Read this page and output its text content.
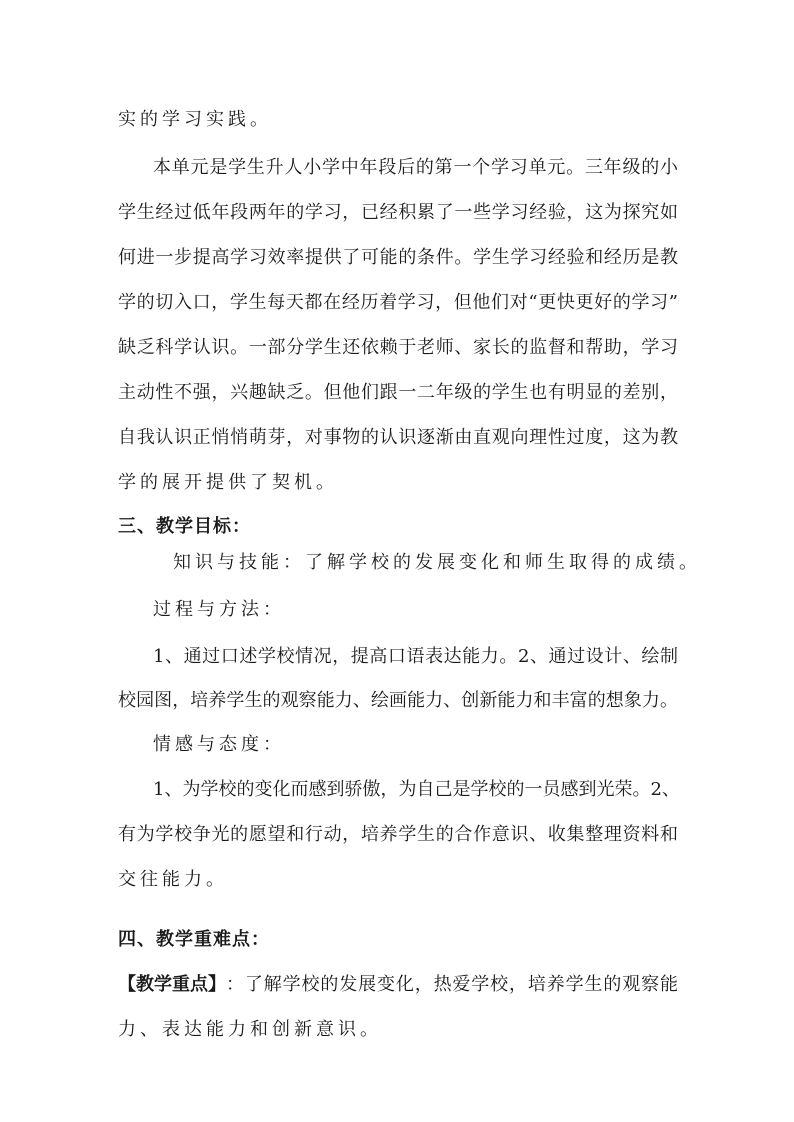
实的学习实践。
本单元是学生升人小学中年段后的第一个学习单元。三年级的小
学生经过低年段两年的学习，已经积累了一些学习经验，这为探究如
何进一步提高学习效率提供了可能的条件。学生学习经验和经历是教
学的切入口，学生每天都在经历着学习，但他们对“更快更好的学习”
缺乏科学认识。一部分学生还依赖于老师、家长的监督和帮助，学习
主动性不强，兴趣缺乏。但他们跟一二年级的学生也有明显的差别，
自我认识正悄悄萌芽，对事物的认识逐渐由直观向理性过度，这为教
学的展开提供了契机。
三、教学目标：
知识与技能：了解学校的发展变化和师生取得的成绩。
过程与方法：
1、通过口述学校情况，提高口语表达能力。2、通过设计、绘制
校园图，培养学生的观察能力、绘画能力、创新能力和丰富的想象力。
情感与态度：
1、为学校的变化而感到骄傲，为自己是学校的一员感到光荣。2、
有为学校争光的愿望和行动，培养学生的合作意识、收集整理资料和
交往能力。
四、教学重难点：
【教学重点】 ：了解学校的发展变化，热爱学校，培养学生的观察能
力、表达能力和创新意识。
